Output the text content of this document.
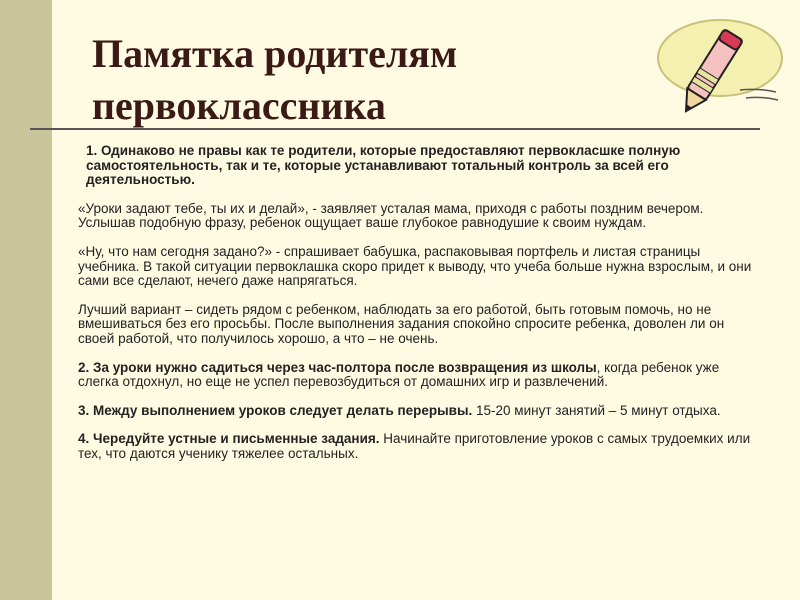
Памятка родителям
первоклассника

1. Одинаково не правы как те родители, которые предоставляют первокласшке полную самостоятельность, так и те, которые устанавливают тотальный контроль за всей его деятельностью.

«Уроки задают тебе, ты их и делай», - заявляет усталая мама, приходя с работы поздним вечером. Услышав подобную фразу, ребенок ощущает ваше глубокое равнодушие к своим нуждам.

«Ну, что нам сегодня задано?» - спрашивает бабушка, распаковывая портфель и листая страницы учебника. В такой ситуации первоклашка скоро придет к выводу, что учеба больше нужна взрослым, и они сами все сделают, нечего даже напрягаться.

Лучший вариант – сидеть рядом с ребенком, наблюдать за его работой, быть готовым помочь, но не вмешиваться без его просьбы. После выполнения задания спокойно спросите ребенка, доволен ли он своей работой, что получилось хорошо, а что – не очень.

2. За уроки нужно садиться через час-полтора после возвращения из школы, когда ребенок уже слегка отдохнул, но еще не успел перевозбудиться от домашних игр и развлечений.

3. Между выполнением уроков следует делать перерывы. 15-20 минут занятий – 5 минут отдыха.

4. Чередуйте устные и письменные задания. Начинайте приготовление уроков с самых трудоемких или тех, что даются ученику тяжелее остальных.
